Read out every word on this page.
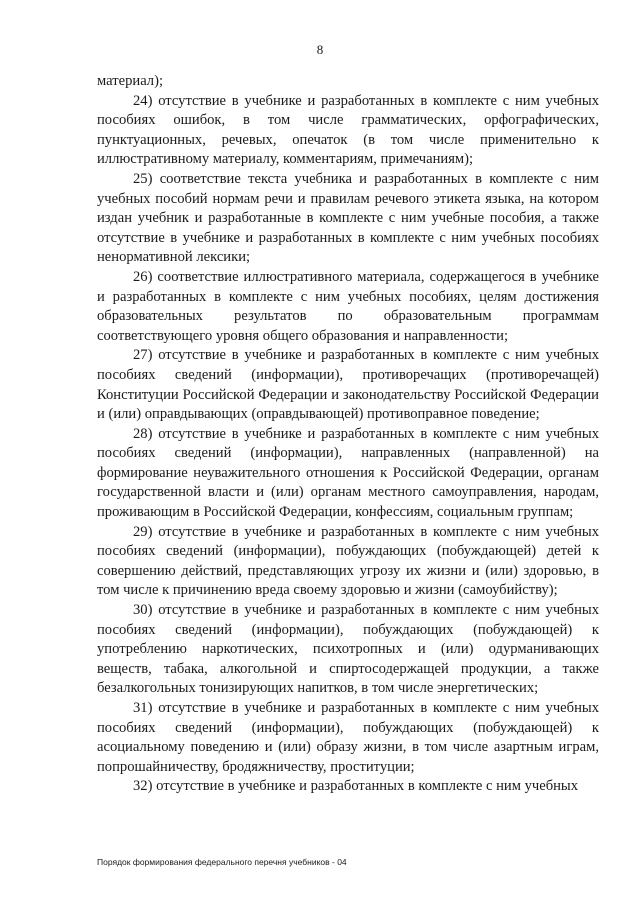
8

материал);

24) отсутствие в учебнике и разработанных в комплекте с ним учебных пособиях ошибок, в том числе грамматических, орфографических, пунктуационных, речевых, опечаток (в том числе применительно к иллюстративному материалу, комментариям, примечаниям);

25) соответствие текста учебника и разработанных в комплекте с ним учебных пособий нормам речи и правилам речевого этикета языка, на котором издан учебник и разработанные в комплекте с ним учебные пособия, а также отсутствие в учебнике и разработанных в комплекте с ним учебных пособиях ненормативной лексики;

26) соответствие иллюстративного материала, содержащегося в учебнике и разработанных в комплекте с ним учебных пособиях, целям достижения образовательных результатов по образовательным программам соответствующего уровня общего образования и направленности;

27) отсутствие в учебнике и разработанных в комплекте с ним учебных пособиях сведений (информации), противоречащих (противоречащей) Конституции Российской Федерации и законодательству Российской Федерации и (или) оправдывающих (оправдывающей) противоправное поведение;

28) отсутствие в учебнике и разработанных в комплекте с ним учебных пособиях сведений (информации), направленных (направленной) на формирование неуважительного отношения к Российской Федерации, органам государственной власти и (или) органам местного самоуправления, народам, проживающим в Российской Федерации, конфессиям, социальным группам;

29) отсутствие в учебнике и разработанных в комплекте с ним учебных пособиях сведений (информации), побуждающих (побуждающей) детей к совершению действий, представляющих угрозу их жизни и (или) здоровью, в том числе к причинению вреда своему здоровью и жизни (самоубийству);

30) отсутствие в учебнике и разработанных в комплекте с ним учебных пособиях сведений (информации), побуждающих (побуждающей) к употреблению наркотических, психотропных и (или) одурманивающих веществ, табака, алкогольной и спиртосодержащей продукции, а также безалкогольных тонизирующих напитков, в том числе энергетических;

31) отсутствие в учебнике и разработанных в комплекте с ним учебных пособиях сведений (информации), побуждающих (побуждающей) к асоциальному поведению и (или) образу жизни, в том числе азартным играм, попрошайничеству, бродяжничеству, проституции;

32) отсутствие в учебнике и разработанных в комплекте с ним учебных

Порядок формирования федерального перечня учебников - 04
